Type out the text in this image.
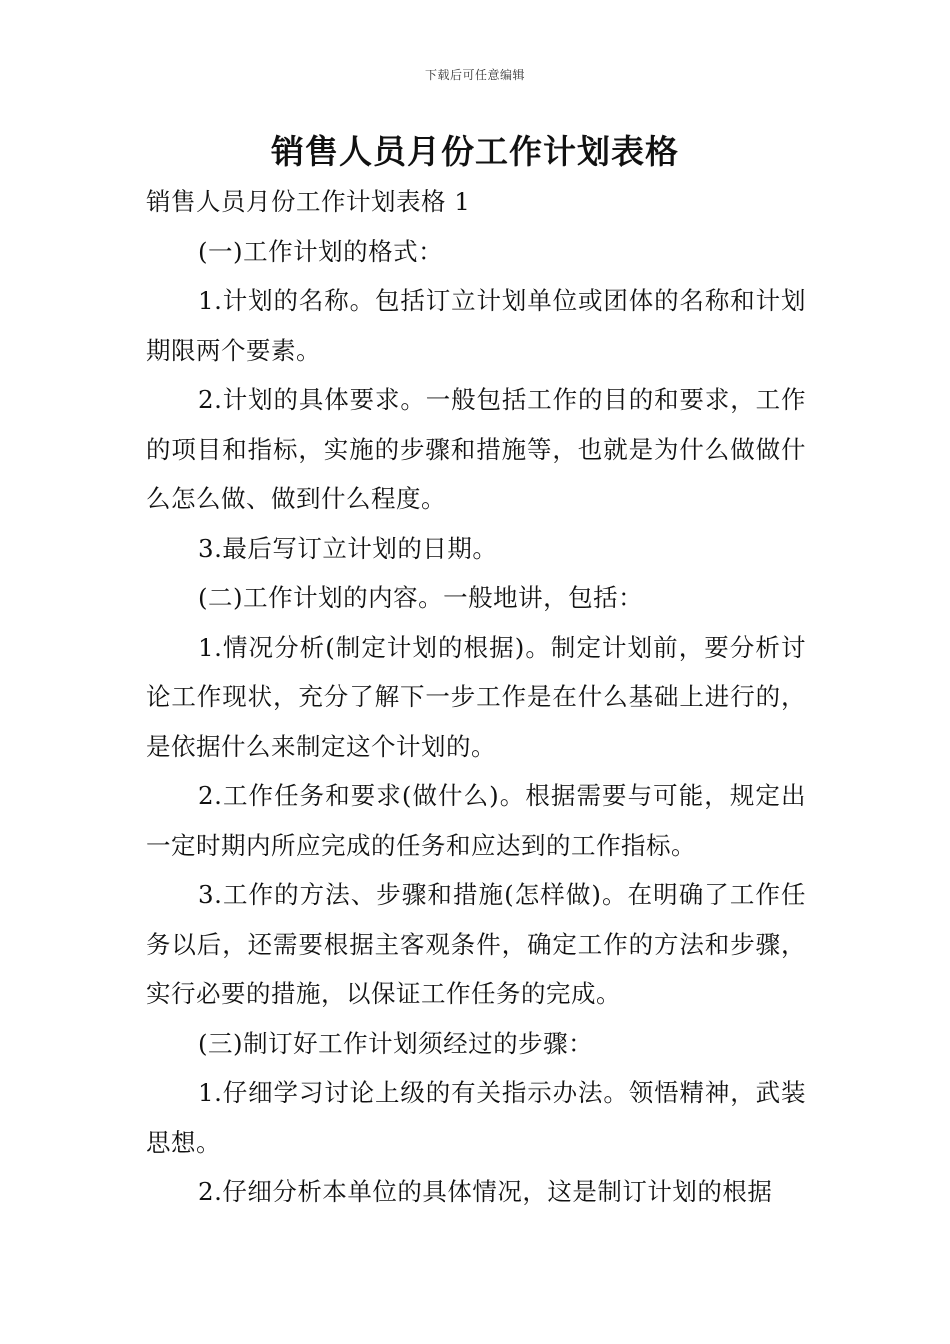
下载后可任意编辑
销售人员月份工作计划表格

销售人员月份工作计划表格 1

(一)工作计划的格式：

1.计划的名称。包括订立计划单位或团体的名称和计划期限两个要素。

2.计划的具体要求。一般包括工作的目的和要求，工作的项目和指标，实施的步骤和措施等，也就是为什么做做什么怎么做、做到什么程度。

3.最后写订立计划的日期。

(二)工作计划的内容。一般地讲，包括：

1.情况分析(制定计划的根据)。制定计划前，要分析讨论工作现状，充分了解下一步工作是在什么基础上进行的，是依据什么来制定这个计划的。

2.工作任务和要求(做什么)。根据需要与可能，规定出一定时期内所应完成的任务和应达到的工作指标。

3.工作的方法、步骤和措施(怎样做)。在明确了工作任务以后，还需要根据主客观条件，确定工作的方法和步骤，实行必要的措施，以保证工作任务的完成。

(三)制订好工作计划须经过的步骤：

1.仔细学习讨论上级的有关指示办法。领悟精神，武装思想。

2.仔细分析本单位的具体情况，这是制订计划的根据
